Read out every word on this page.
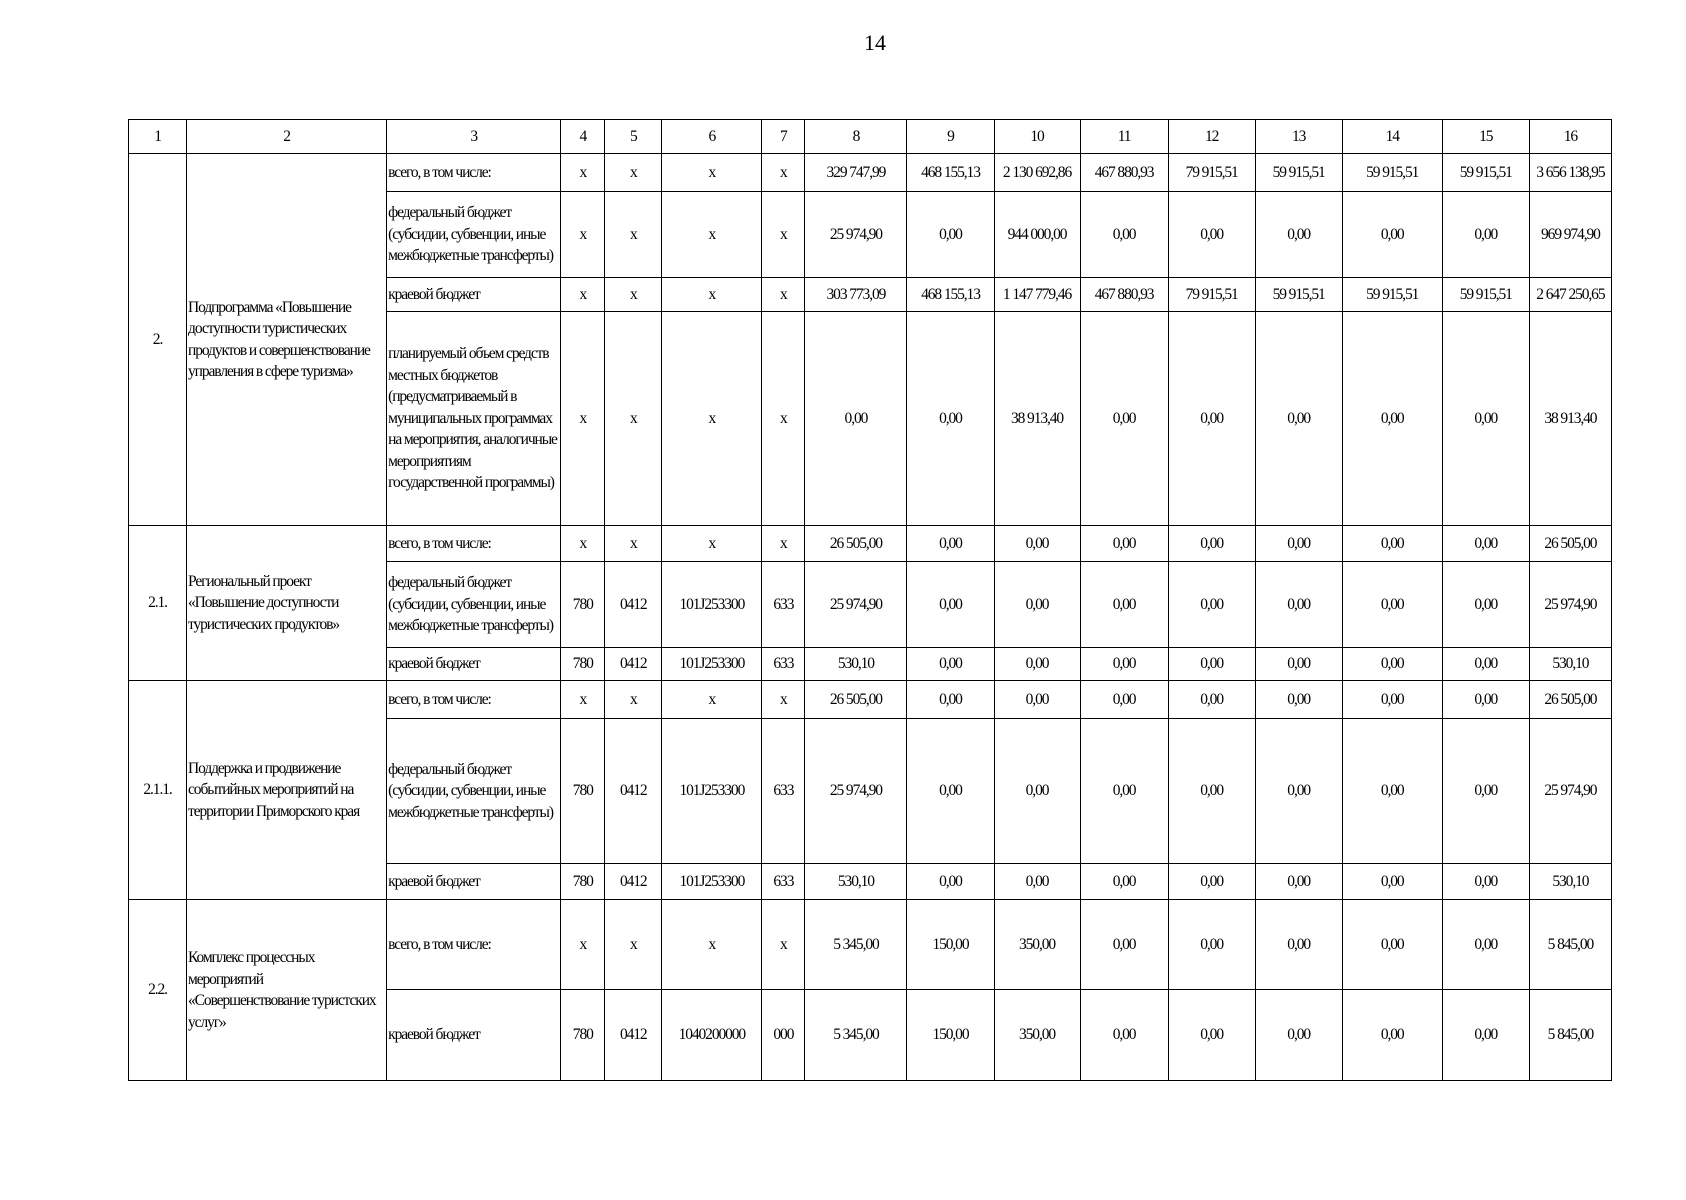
14
1	2	3	4	5	6	7	8	9	10	11	12	13	14	15	16
2.	Подпрограмма «Повышение доступности туристических продуктов и совершенствование управления в сфере туризма»	всего, в том числе:	x	x	x	x	329 747,99	468 155,13	2 130 692,86	467 880,93	79 915,51	59 915,51	59 915,51	59 915,51	3 656 138,95
		федеральный бюджет (субсидии, субвенции, иные межбюджетные трансферты)	x	x	x	x	25 974,90	0,00	944 000,00	0,00	0,00	0,00	0,00	0,00	969 974,90
		краевой бюджет	x	x	x	x	303 773,09	468 155,13	1 147 779,46	467 880,93	79 915,51	59 915,51	59 915,51	59 915,51	2 647 250,65
		планируемый объем средств местных бюджетов (предусматриваемый в муниципальных программах на мероприятия, аналогичные мероприятиям государственной программы)	x	x	x	x	0,00	0,00	38 913,40	0,00	0,00	0,00	0,00	0,00	38 913,40
2.1.	Региональный проект «Повышение доступности туристических продуктов»	всего, в том числе:	x	x	x	x	26 505,00	0,00	0,00	0,00	0,00	0,00	0,00	0,00	26 505,00
		федеральный бюджет (субсидии, субвенции, иные межбюджетные трансферты)	780	0412	101J253300	633	25 974,90	0,00	0,00	0,00	0,00	0,00	0,00	0,00	25 974,90
		краевой бюджет	780	0412	101J253300	633	530,10	0,00	0,00	0,00	0,00	0,00	0,00	0,00	530,10
2.1.1.	Поддержка и продвижение событийных мероприятий на территории Приморского края	всего, в том числе:	x	x	x	x	26 505,00	0,00	0,00	0,00	0,00	0,00	0,00	0,00	26 505,00
		федеральный бюджет (субсидии, субвенции, иные межбюджетные трансферты)	780	0412	101J253300	633	25 974,90	0,00	0,00	0,00	0,00	0,00	0,00	0,00	25 974,90
		краевой бюджет	780	0412	101J253300	633	530,10	0,00	0,00	0,00	0,00	0,00	0,00	0,00	530,10
2.2.	Комплекс процессных мероприятий «Совершенствование туристских услуг»	всего, в том числе:	x	x	x	x	5 345,00	150,00	350,00	0,00	0,00	0,00	0,00	0,00	5 845,00
		краевой бюджет	780	0412	1040200000	000	5 345,00	150,00	350,00	0,00	0,00	0,00	0,00	0,00	5 845,00
